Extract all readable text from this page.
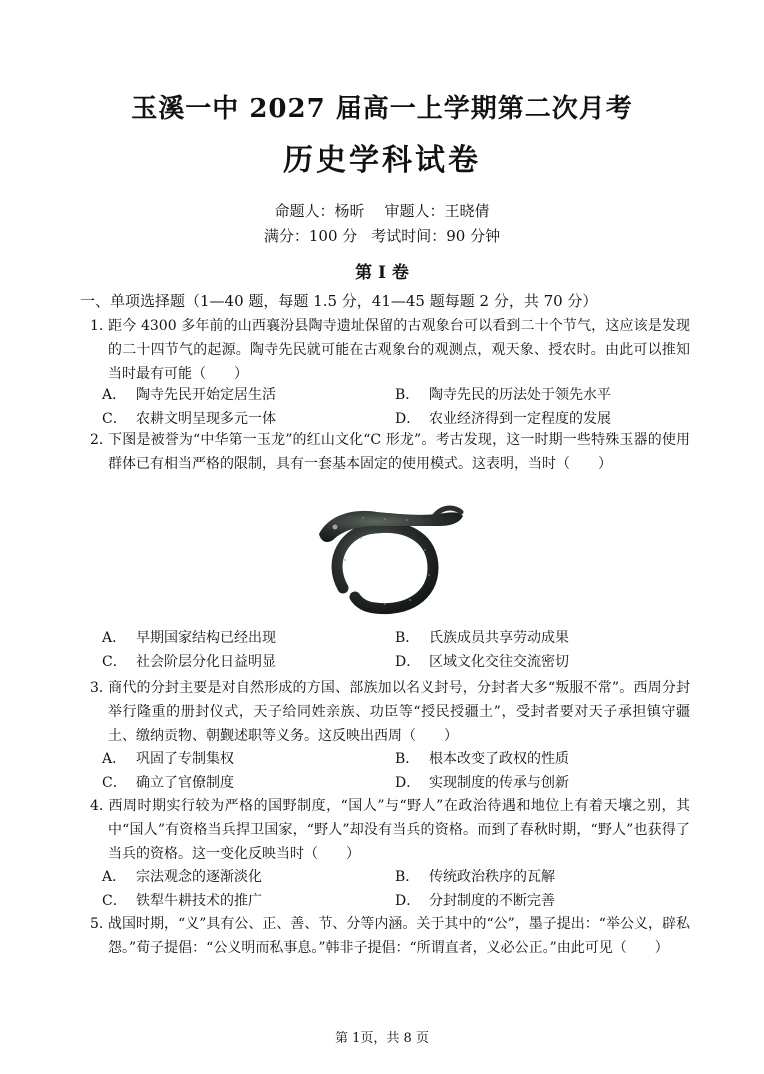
玉溪一中 2027 届高一上学期第二次月考
历史学科试卷
命题人：杨昕 审题人：王晓倩
满分：100 分 考试时间：90 分钟
第 I 卷
一、单项选择题（1—40 题，每题 1.5 分，41—45 题每题 2 分，共 70 分）
1．距今 4300 多年前的山西襄汾县陶寺遗址保留的古观象台可以看到二十个节气，这应该是发现的二十四节气的起源。陶寺先民就可能在古观象台的观测点，观天象、授农时。由此可以推知当时最有可能（　　）
A． 陶寺先民开始定居生活	B． 陶寺先民的历法处于领先水平
C． 农耕文明呈现多元一体	D． 农业经济得到一定程度的发展
2．下图是被誉为“中华第一玉龙”的红山文化“C 形龙”。考古发现，这一时期一些特殊玉器的使用群体已有相当严格的限制，具有一套基本固定的使用模式。这表明，当时（　　）
A． 早期国家结构已经出现	B． 氏族成员共享劳动成果
C． 社会阶层分化日益明显	D． 区域文化交往交流密切
3．商代的分封主要是对自然形成的方国、部族加以名义封号，分封者大多“叛服不常”。西周分封举行隆重的册封仪式，天子给同姓亲族、功臣等“授民授疆土”，受封者要对天子承担镇守疆土、缴纳贡物、朝觐述职等义务。这反映出西周（　　）
A． 巩固了专制集权	B． 根本改变了政权的性质
C． 确立了官僚制度	D． 实现制度的传承与创新
4．西周时期实行较为严格的国野制度，“国人”与“野人”在政治待遇和地位上有着天壤之别，其中“国人”有资格当兵捍卫国家，“野人”却没有当兵的资格。而到了春秋时期，“野人”也获得了当兵的资格。这一变化反映当时（　　）
A． 宗法观念的逐渐淡化	B． 传统政治秩序的瓦解
C． 铁犁牛耕技术的推广	D． 分封制度的不断完善
5．战国时期，“义”具有公、正、善、节、分等内涵。关于其中的“公”，墨子提出：“举公义，辟私怨。”荀子提倡：“公义明而私事息。”韩非子提倡：“所谓直者，义必公正。”由此可见（　　）
第 1页，共 8 页
